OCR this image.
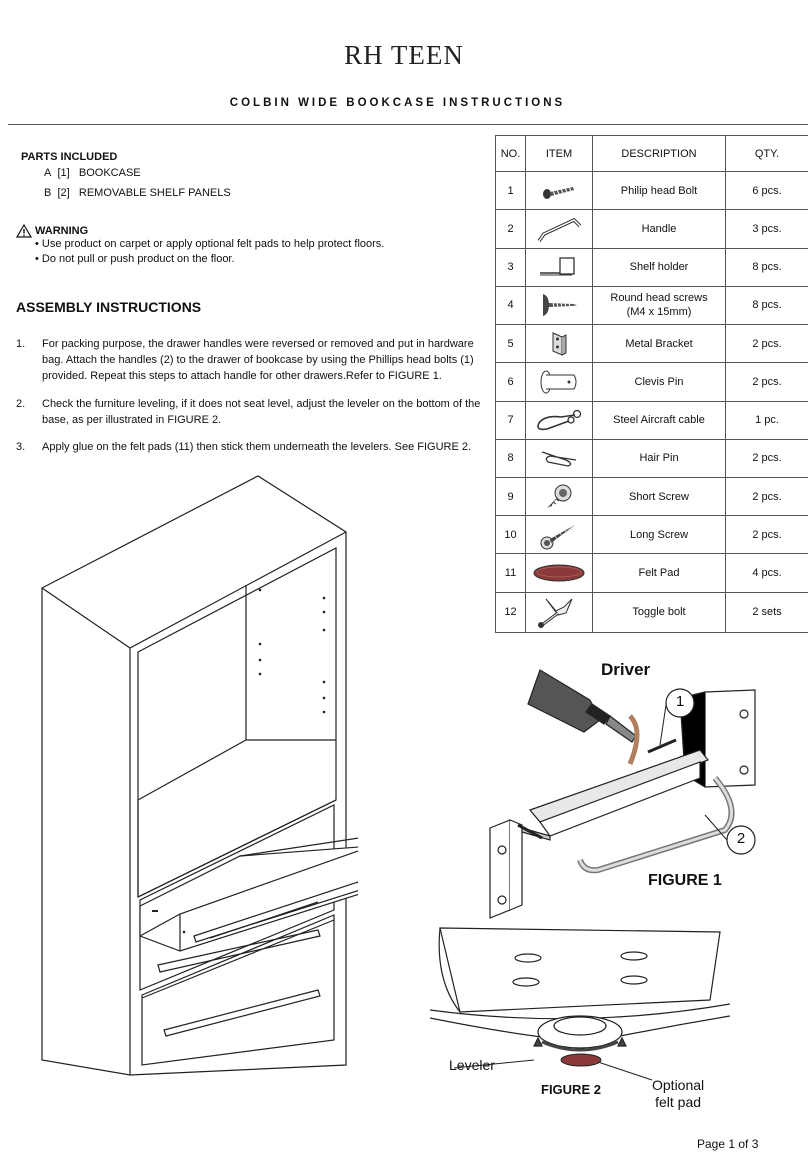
RH TEEN
COLBIN WIDE BOOKCASE INSTRUCTIONS
PARTS INCLUDED
A [1] BOOKCASE
B [2] REMOVABLE SHELF PANELS
WARNING
• Use product on carpet or apply optional felt pads to help protect floors.
• Do not pull or push product on the floor.
ASSEMBLY INSTRUCTIONS
1.	For packing purpose, the drawer handles were reversed or removed and put in hardware bag. Attach the handles (2) to the drawer of bookcase by using the Phillips head bolts (1) provided. Repeat this steps to attach handle for other drawers.Refer to FIGURE 1.
2.	Check the furniture leveling, if it does not seat level, adjust the leveler on the bottom of the base, as per illustrated in FIGURE 2.
3.	Apply glue on the felt pads (11) then stick them underneath the levelers. See FIGURE 2.
NO.	ITEM	DESCRIPTION	QTY.
1		Philip head Bolt	6 pcs.
2		Handle	3 pcs.
3		Shelf holder	8 pcs.
4		Round head screws
(M4 x 15mm)	8 pcs.
5		Metal Bracket	2 pcs.
6		Clevis Pin	2 pcs.
7		Steel Aircraft cable	1 pc.
8		Hair Pin	2 pcs.
9		Short Screw	2 pcs.
10		Long Screw	2 pcs.
11		Felt Pad	4 pcs.
12		Toggle bolt	2 sets
1
2
Driver
FIGURE 1
Leveler
FIGURE 2	Optional
felt pad
Page 1 of 3
